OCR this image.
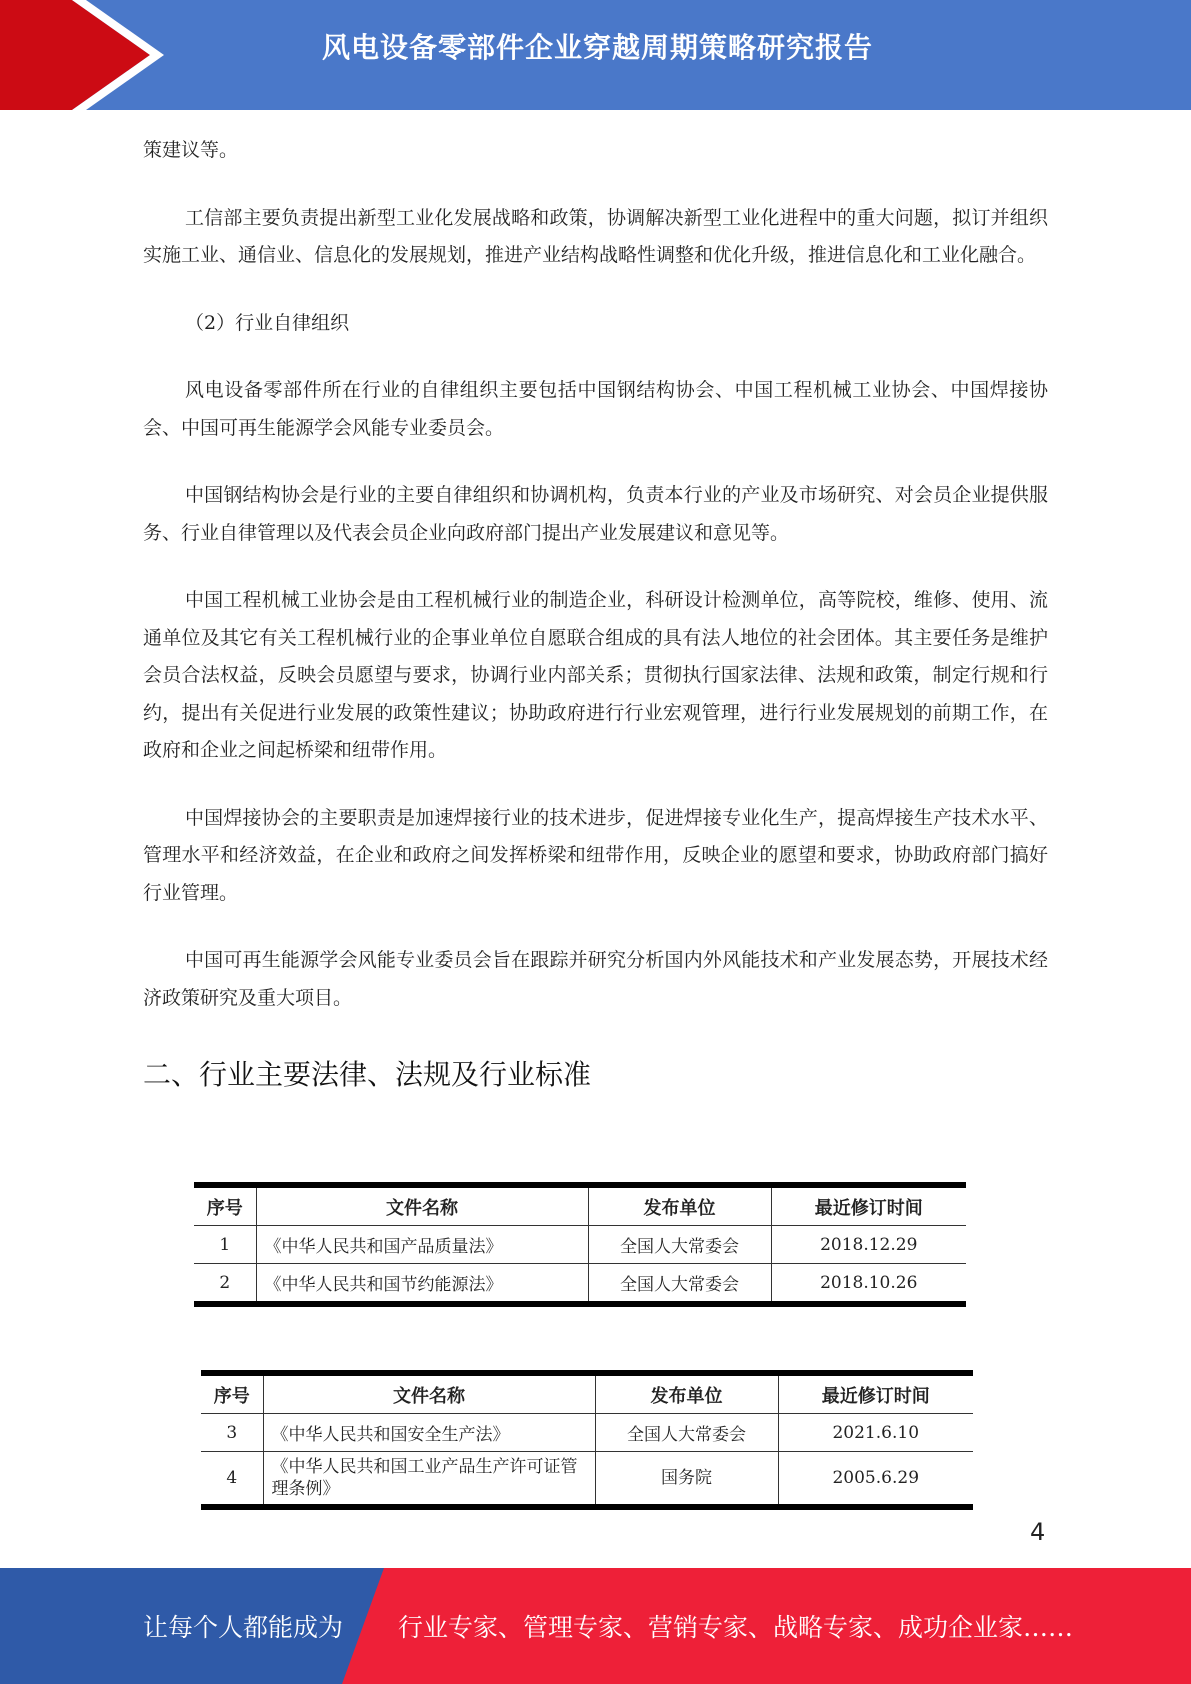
风电设备零部件企业穿越周期策略研究报告

策建议等。

工信部主要负责提出新型工业化发展战略和政策，协调解决新型工业化进程中的重大问题，拟订并组织实施工业、通信业、信息化的发展规划，推进产业结构战略性调整和优化升级，推进信息化和工业化融合。

（2）行业自律组织

风电设备零部件所在行业的自律组织主要包括中国钢结构协会、中国工程机械工业协会、中国焊接协会、中国可再生能源学会风能专业委员会。

中国钢结构协会是行业的主要自律组织和协调机构，负责本行业的产业及市场研究、对会员企业提供服务、行业自律管理以及代表会员企业向政府部门提出产业发展建议和意见等。

中国工程机械工业协会是由工程机械行业的制造企业，科研设计检测单位，高等院校，维修、使用、流通单位及其它有关工程机械行业的企事业单位自愿联合组成的具有法人地位的社会团体。其主要任务是维护会员合法权益，反映会员愿望与要求，协调行业内部关系；贯彻执行国家法律、法规和政策，制定行规和行约，提出有关促进行业发展的政策性建议；协助政府进行行业宏观管理，进行行业发展规划的前期工作，在政府和企业之间起桥梁和纽带作用。

中国焊接协会的主要职责是加速焊接行业的技术进步，促进焊接专业化生产，提高焊接生产技术水平、管理水平和经济效益，在企业和政府之间发挥桥梁和纽带作用，反映企业的愿望和要求，协助政府部门搞好行业管理。

中国可再生能源学会风能专业委员会旨在跟踪并研究分析国内外风能技术和产业发展态势，开展技术经济政策研究及重大项目。

二、行业主要法律、法规及行业标准
序号	文件名称	发布单位	最近修订时间
1	《中华人民共和国产品质量法》	全国人大常委会	2018.12.29
2	《中华人民共和国节约能源法》	全国人大常委会	2018.10.26
序号	文件名称	发布单位	最近修订时间
3	《中华人民共和国安全生产法》	全国人大常委会	2021.6.10
4	《中华人民共和国工业产品生产许可证管理条例》	国务院	2005.6.29
4
让每个人都能成为 行业专家、管理专家、营销专家、战略专家、成功企业家……
